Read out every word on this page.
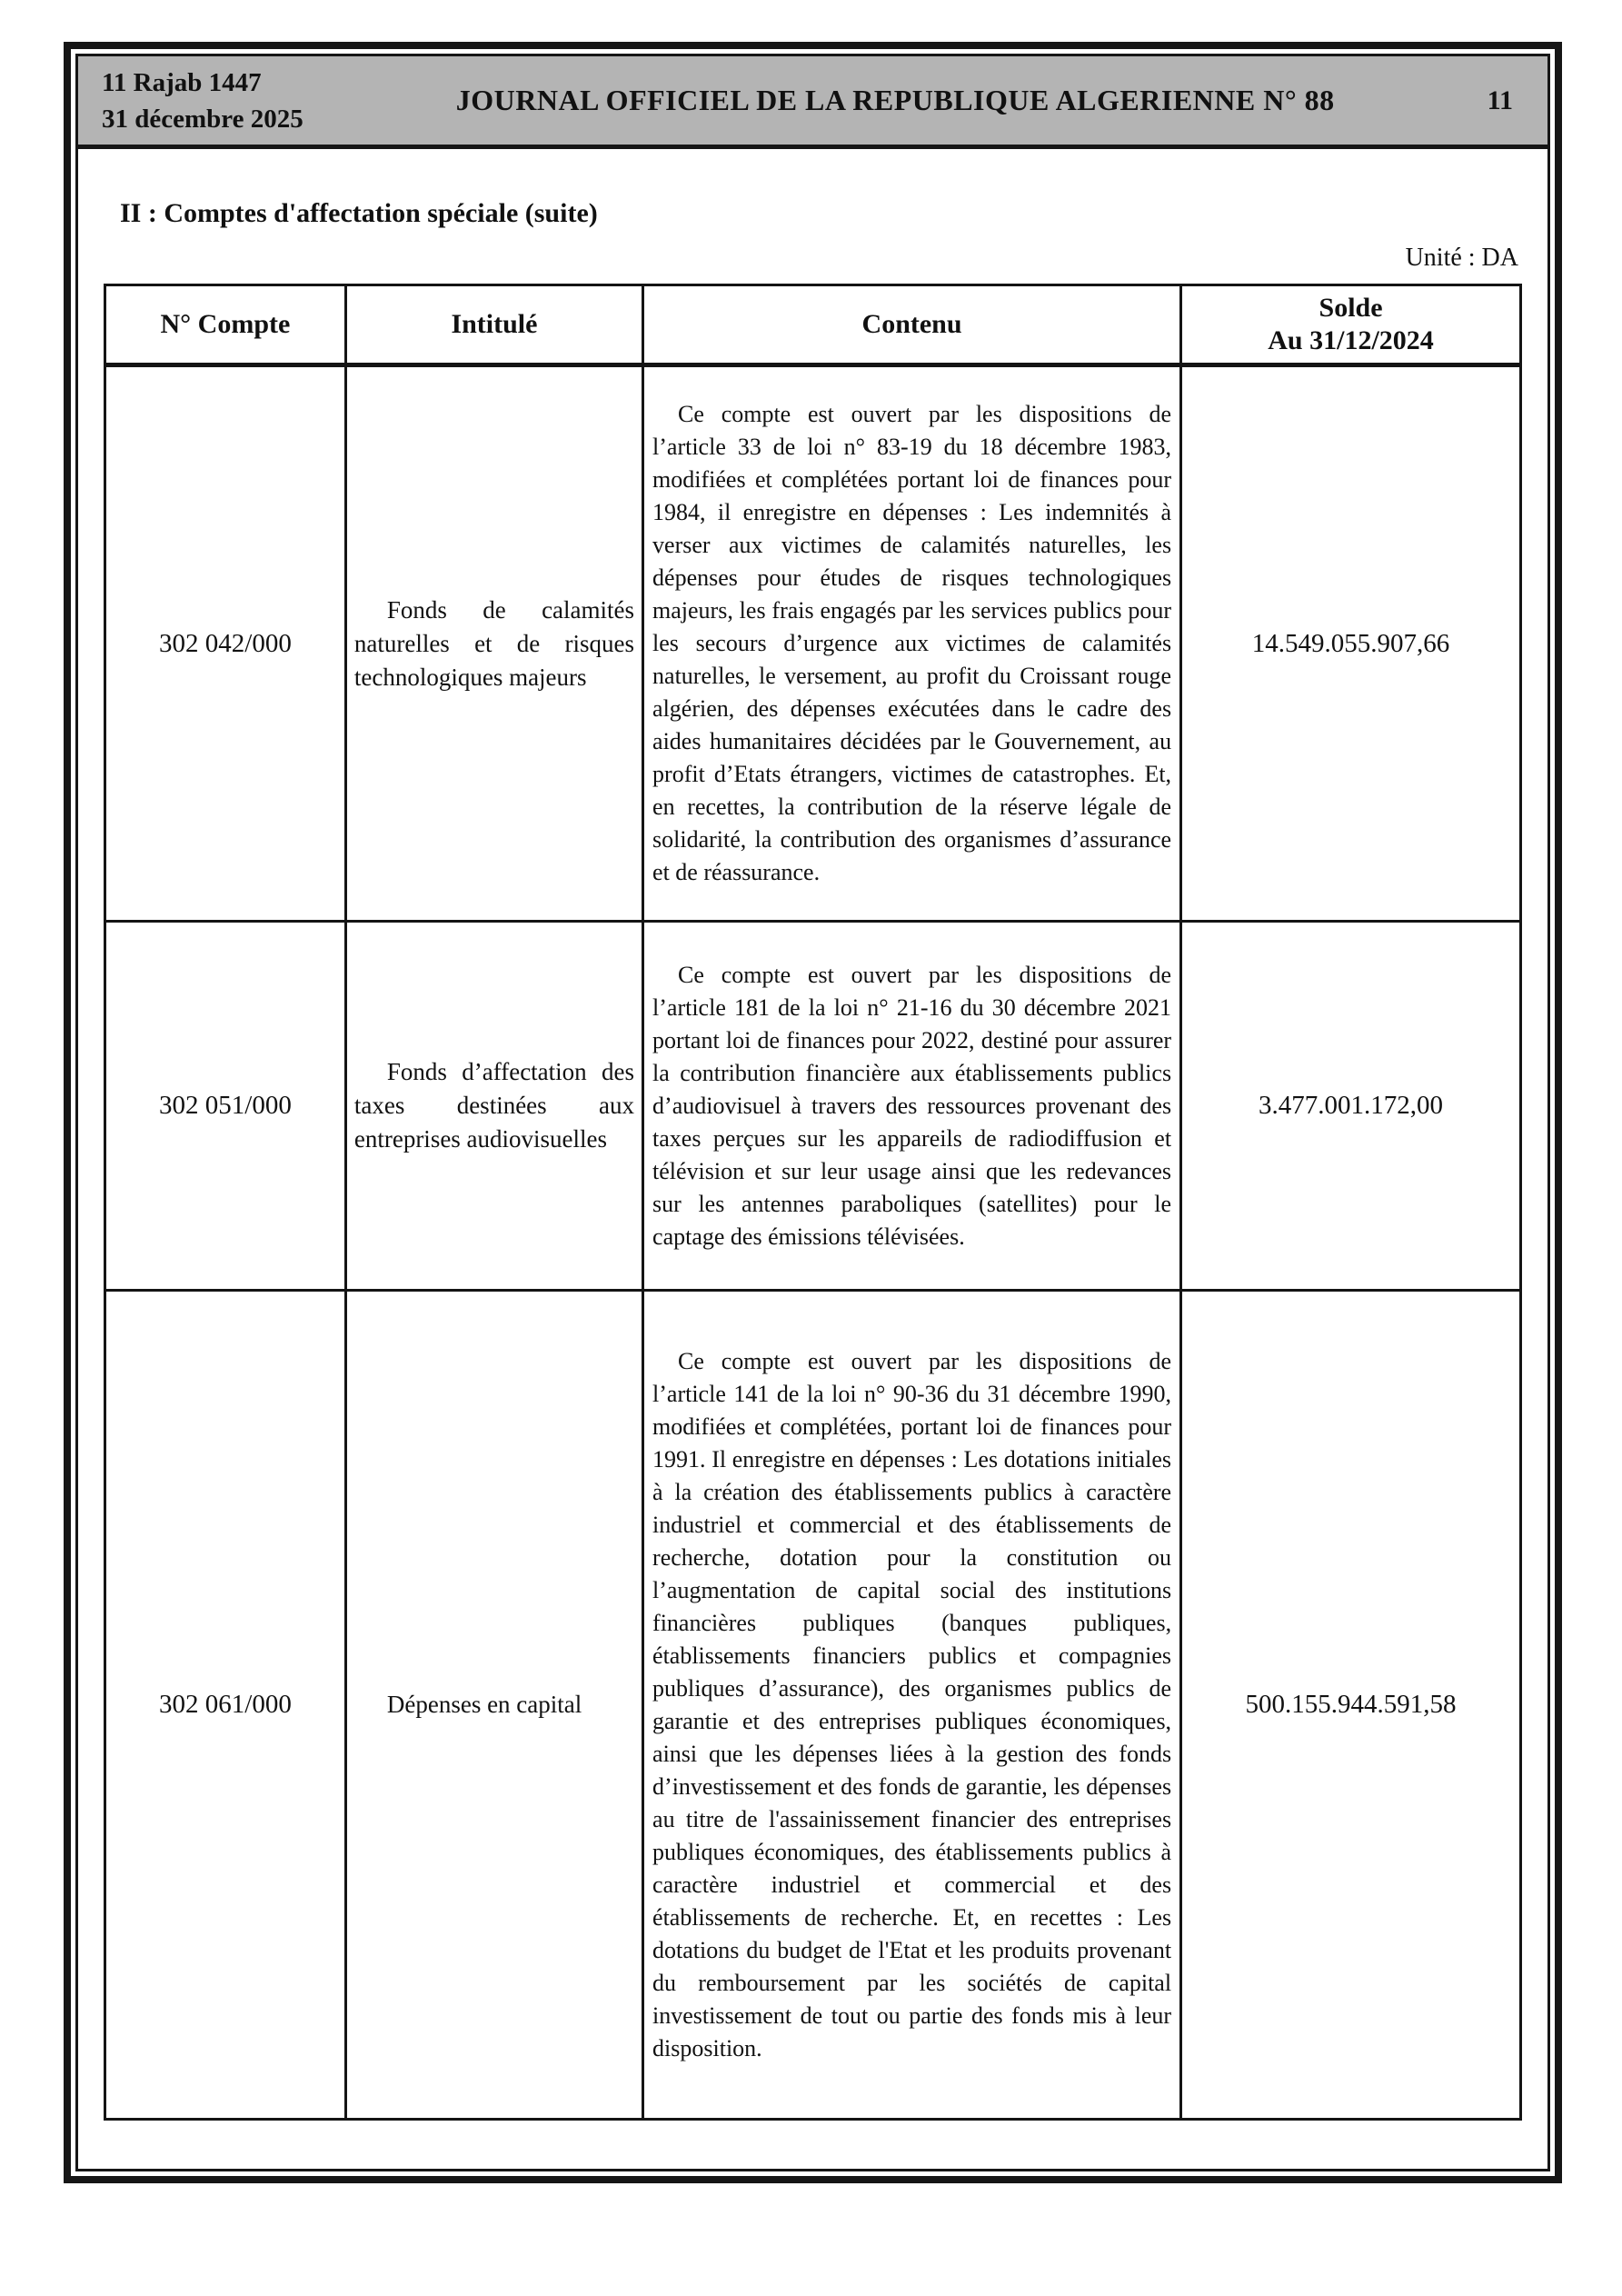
11 Rajab 1447
31 décembre 2025
JOURNAL OFFICIEL DE LA REPUBLIQUE ALGERIENNE N° 88	11
II : Comptes d'affectation spéciale (suite)
Unité : DA
N° Compte	Intitulé	Contenu	Solde
Au 31/12/2024
302 042/000	Fonds de calamités naturelles et de risques technologiques majeurs	Ce compte est ouvert par les dispositions de l’article 33 de loi n° 83-19 du 18 décembre 1983, modifiées et complétées portant loi de finances pour 1984, il enregistre en dépenses : Les indemnités à verser aux victimes de calamités naturelles, les dépenses pour études de risques technologiques majeurs, les frais engagés par les services publics pour les secours d’urgence aux victimes de calamités naturelles, le versement, au profit du Croissant rouge algérien, des dépenses exécutées dans le cadre des aides humanitaires décidées par le Gouvernement, au profit d’Etats étrangers, victimes de catastrophes. Et, en recettes, la contribution de la réserve légale de solidarité, la contribution des organismes d’assurance et de réassurance.	14.549.055.907,66
302 051/000	Fonds d’affectation des taxes destinées aux entreprises audiovisuelles	Ce compte est ouvert par les dispositions de l’article 181 de la loi n° 21-16 du 30 décembre 2021 portant loi de finances pour 2022, destiné pour assurer la contribution financière aux établissements publics d’audiovisuel à travers des ressources provenant des taxes perçues sur les appareils de radiodiffusion et télévision et sur leur usage ainsi que les redevances sur les antennes paraboliques (satellites) pour le captage des émissions télévisées.	3.477.001.172,00
302 061/000	Dépenses en capital	Ce compte est ouvert par les dispositions de l’article 141 de la loi n° 90-36 du 31 décembre 1990, modifiées et complétées, portant loi de finances pour 1991. Il enregistre en dépenses : Les dotations initiales à la création des établissements publics à caractère industriel et commercial et des établissements de recherche, dotation pour la constitution ou l’augmentation de capital social des institutions financières publiques (banques publiques, établissements financiers publics et compagnies publiques d’assurance), des organismes publics de garantie et des entreprises publiques économiques, ainsi que les dépenses liées à la gestion des fonds d’investissement et des fonds de garantie, les dépenses au titre de l'assainissement financier des entreprises publiques économiques, des établissements publics à caractère industriel et commercial et des établissements de recherche. Et, en recettes : Les dotations du budget de l'Etat et les produits provenant du remboursement par les sociétés de capital investissement de tout ou partie des fonds mis à leur disposition.	500.155.944.591,58
